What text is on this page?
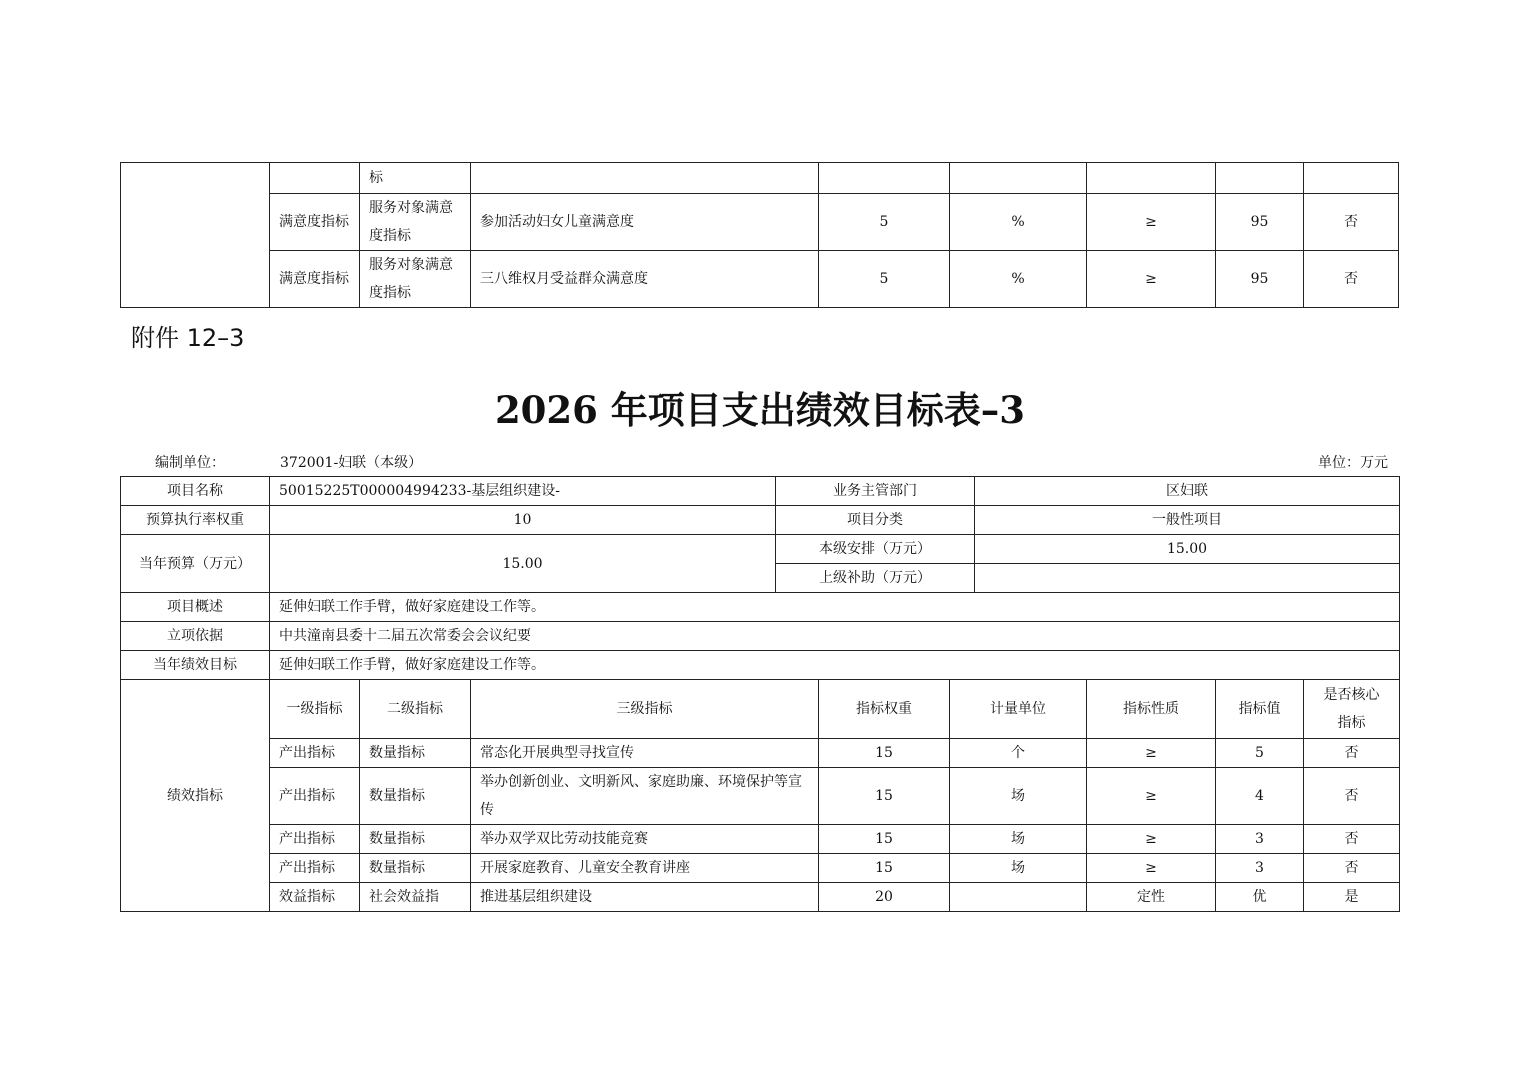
		标						
	满意度指标	服务对象满意度指标	参加活动妇女儿童满意度	5	%	≥	95	否
	满意度指标	服务对象满意度指标	三八维权月受益群众满意度	5	%	≥	95	否
附件 12–3
2026 年项目支出绩效目标表–3
编制单位：	372001-妇联（本级）	单位：万元
项目名称	50015225T000004994233-基层组织建设-	业务主管部门	区妇联
预算执行率权重	10	项目分类	一般性项目
当年预算（万元）	15.00	本级安排（万元）	15.00
		上级补助（万元）	
项目概述	延伸妇联工作手臂，做好家庭建设工作等。		
立项依据	中共潼南县委十二届五次常委会会议纪要		
当年绩效目标	延伸妇联工作手臂，做好家庭建设工作等。		
绩效指标	一级指标	二级指标	三级指标	指标权重	计量单位	指标性质	指标值	是否核心指标
	产出指标	数量指标	常态化开展典型寻找宣传	15	个	≥	5	否
	产出指标	数量指标	举办创新创业、文明新风、家庭助廉、环境保护等宣传	15	场	≥	4	否
	产出指标	数量指标	举办双学双比劳动技能竞赛	15	场	≥	3	否
	产出指标	数量指标	开展家庭教育、儿童安全教育讲座	15	场	≥	3	否
	效益指标	社会效益指	推进基层组织建设	20		定性	优	是
